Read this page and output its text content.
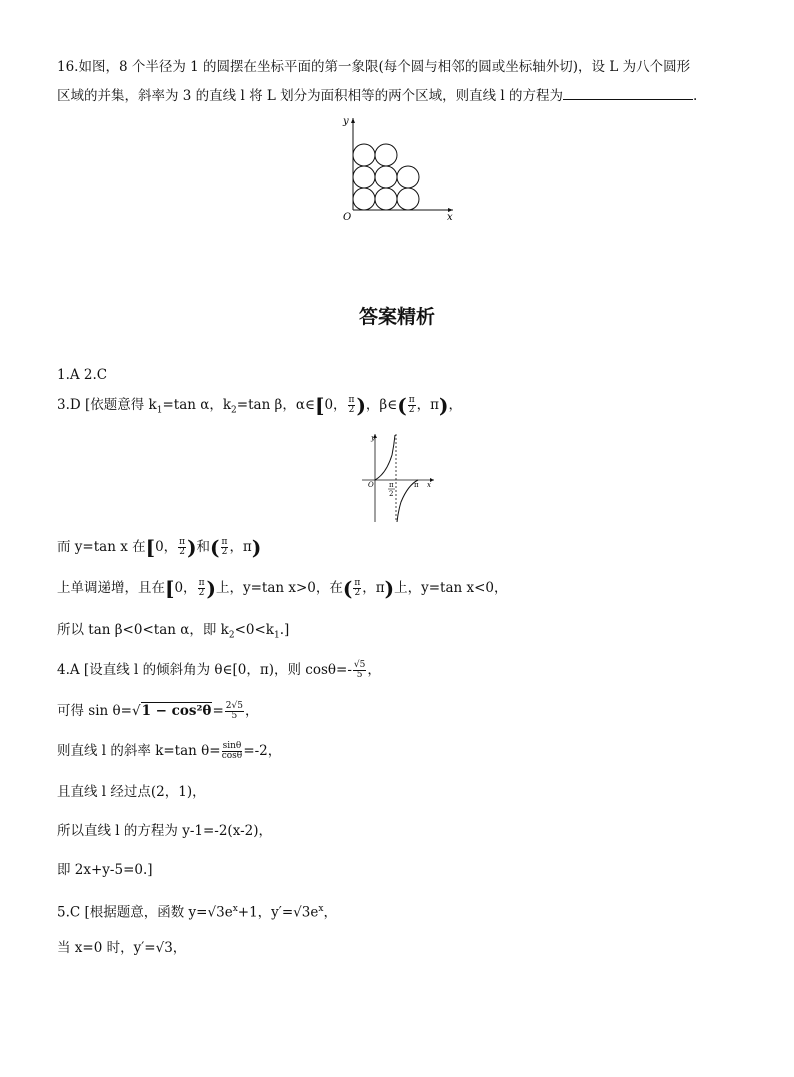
16.如图，8 个半径为 1 的圆摆在坐标平面的第一象限(每个圆与相邻的圆或坐标轴外切)，设 L 为八个圆形
区域的并集，斜率为 3 的直线 l 将 L 划分为面积相等的两个区域，则直线 l 的方程为	.
y
x
O
答案精析
1.A 2.C
3.D [依题意得 $k_1=\tan$ α，$k_2=\tan$ β，α∈[0， $\frac{\pi}{2}$ )，β∈( $\frac{\pi}{2}$ ，π)，
y
O	x
π
π
2
而 y=tan x 在[0， $\frac{\pi}{2}$ )和( $\frac{\pi}{2}$ ，π)
上单调递增，且在[0， $\frac{\pi}{2}$ )上，y=tan x>0，在( $\frac{\pi}{2}$ ，π)上，y=tan x<0，
所以 tan β<0<tan α，即 $k_2<0<k_1$.]
4.A [设直线 l 的倾斜角为 θ∈[0，π)，则 $\cos\theta=- \frac{√5}{5}$ ，
可得 $\sin \theta=√1 - \cos^2\theta= \frac{2√5}{5}$ ，
则直线 l 的斜率 k=tan $\theta= \frac{\sin\theta}{\cos\theta} =-2$，
且直线 l 经过点(2，1)，
所以直线 l 的方程为 y-1=-2(x-2)，
即 2x+y-5=0.]
5.C [根据题意，函数 $y=√3e^x+1$，$y'=√3e^x$，
当 x=0 时，y′=√3，
